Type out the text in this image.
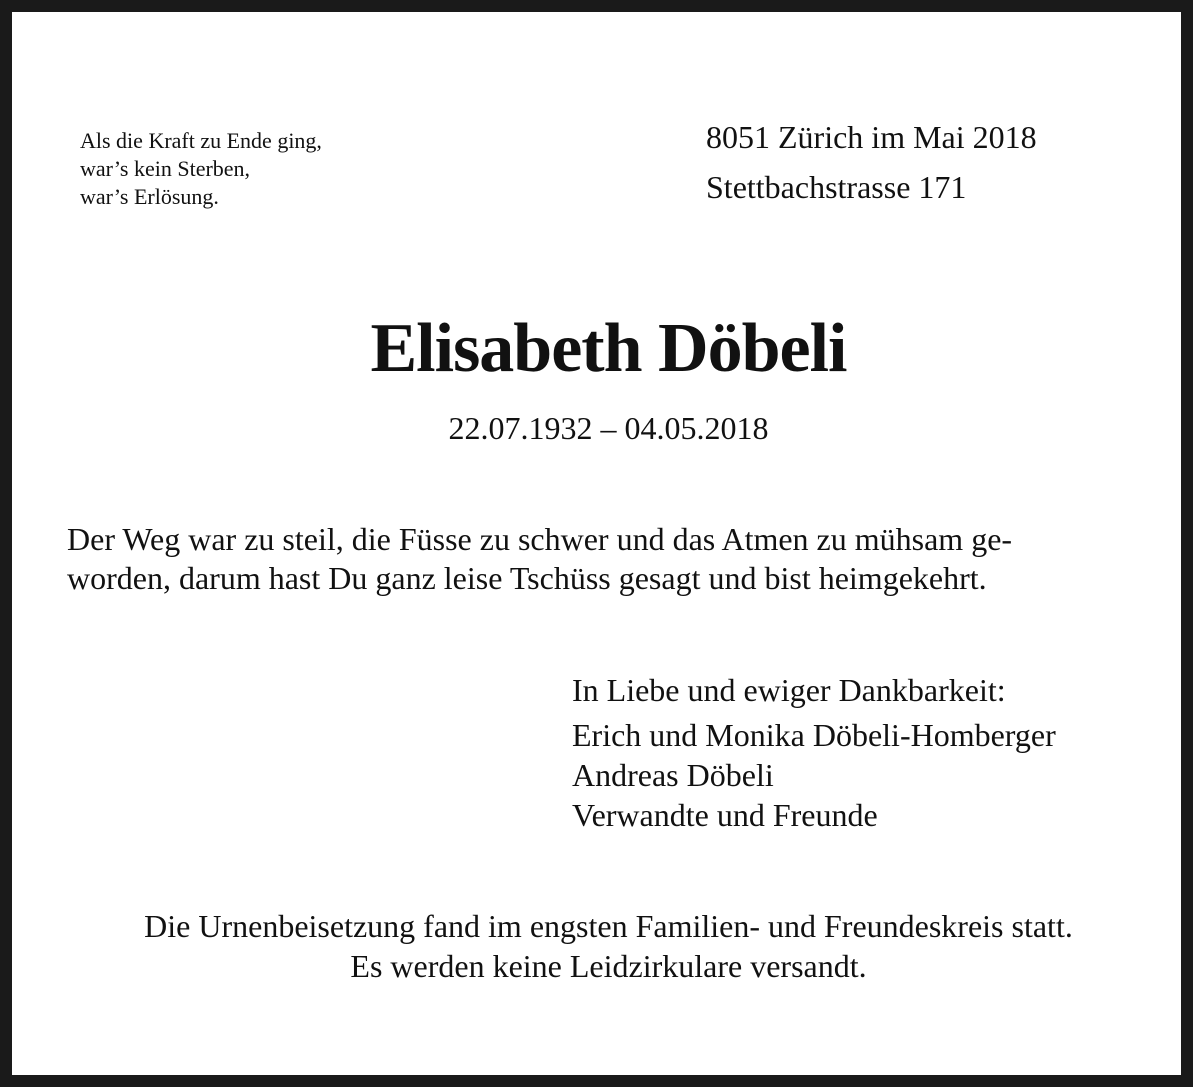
Als die Kraft zu Ende ging,
war’s kein Sterben,
war’s Erlösung.
8051 Zürich im Mai 2018
Stettbachstrasse 171
Elisabeth Döbeli
22.07.1932 – 04.05.2018
Der Weg war zu steil, die Füsse zu schwer und das Atmen zu mühsam ge-
worden, darum hast Du ganz leise Tschüss gesagt und bist heimgekehrt.
In Liebe und ewiger Dankbarkeit:
Erich und Monika Döbeli-Homberger
Andreas Döbeli
Verwandte und Freunde
Die Urnenbeisetzung fand im engsten Familien- und Freundeskreis statt.
Es werden keine Leidzirkulare versandt.
